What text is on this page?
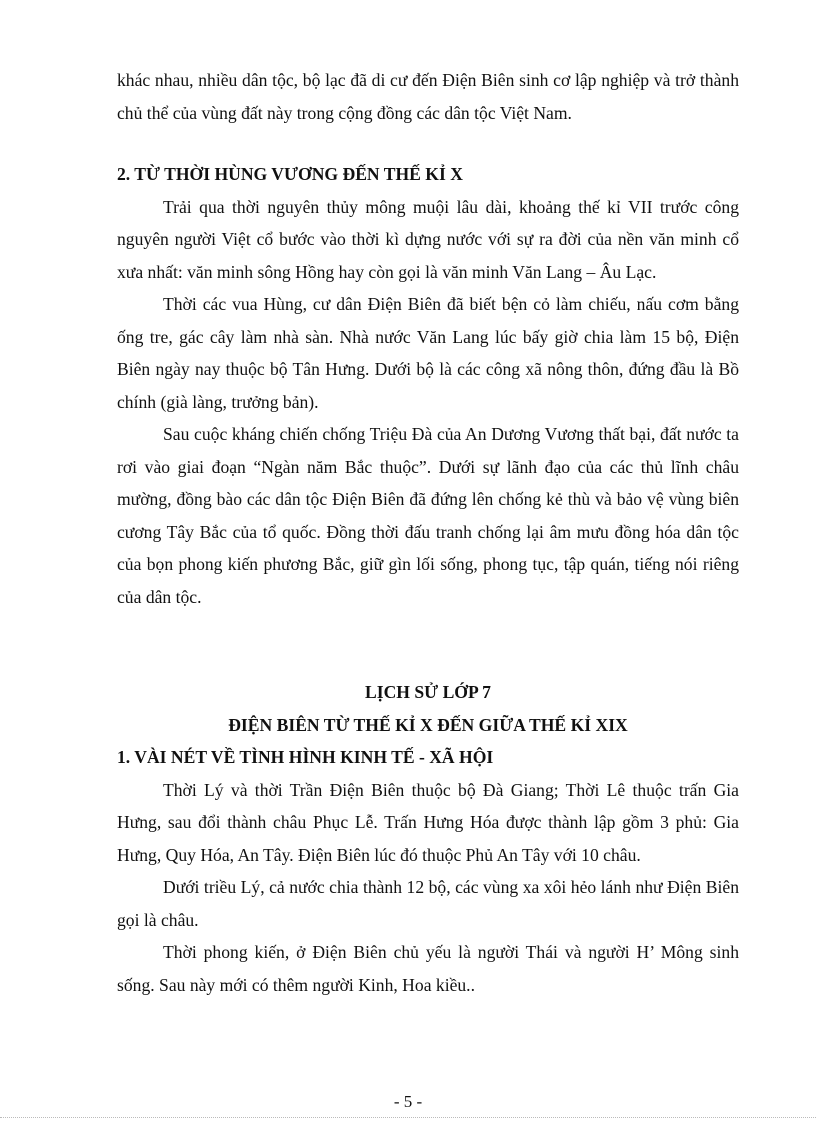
khác nhau, nhiều dân tộc, bộ lạc đã di cư đến Điện Biên sinh cơ lập nghiệp và trở thành chủ thể của vùng đất này trong cộng đồng các dân tộc Việt Nam.

2. TỪ THỜI HÙNG VƯƠNG ĐẾN THẾ KỈ X

Trải qua thời nguyên thủy mông muội lâu dài, khoảng thế kỉ VII trước công nguyên người Việt cổ bước vào thời kì dựng nước với sự ra đời của nền văn minh cổ xưa nhất: văn minh sông Hồng hay còn gọi là văn minh Văn Lang – Âu Lạc.

Thời các vua Hùng, cư dân Điện Biên đã biết bện cỏ làm chiếu, nấu cơm bằng ống tre, gác cây làm nhà sàn. Nhà nước Văn Lang lúc bấy giờ chia làm 15 bộ, Điện Biên ngày nay thuộc bộ Tân Hưng. Dưới bộ là các công xã nông thôn, đứng đầu là Bồ chính (già làng, trưởng bản).

Sau cuộc kháng chiến chống Triệu Đà của An Dương Vương thất bại, đất nước ta rơi vào giai đoạn “Ngàn năm Bắc thuộc”. Dưới sự lãnh đạo của các thủ lĩnh châu mường, đồng bào các dân tộc Điện Biên đã đứng lên chống kẻ thù và bảo vệ vùng biên cương Tây Bắc của tổ quốc. Đồng thời đấu tranh chống lại âm mưu đồng hóa dân tộc của bọn phong kiến phương Bắc, giữ gìn lối sống, phong tục, tập quán, tiếng nói riêng của dân tộc.

LỊCH SỬ LỚP 7

ĐIỆN BIÊN TỪ THẾ KỈ X ĐẾN GIỮA THẾ KỈ XIX

1. VÀI NÉT VỀ TÌNH HÌNH KINH TẾ - XÃ HỘI

Thời Lý và thời Trần Điện Biên thuộc bộ Đà Giang; Thời Lê thuộc trấn Gia Hưng, sau đổi thành châu Phục Lễ. Trấn Hưng Hóa được thành lập gồm 3 phủ: Gia Hưng, Quy Hóa, An Tây. Điện Biên lúc đó thuộc Phủ An Tây với 10 châu.

Dưới triều Lý, cả nước chia thành 12 bộ, các vùng xa xôi hẻo lánh như Điện Biên gọi là châu.

Thời phong kiến, ở Điện Biên chủ yếu là người Thái và người H’ Mông sinh sống. Sau này mới có thêm người Kinh, Hoa kiều..

- 5 -
